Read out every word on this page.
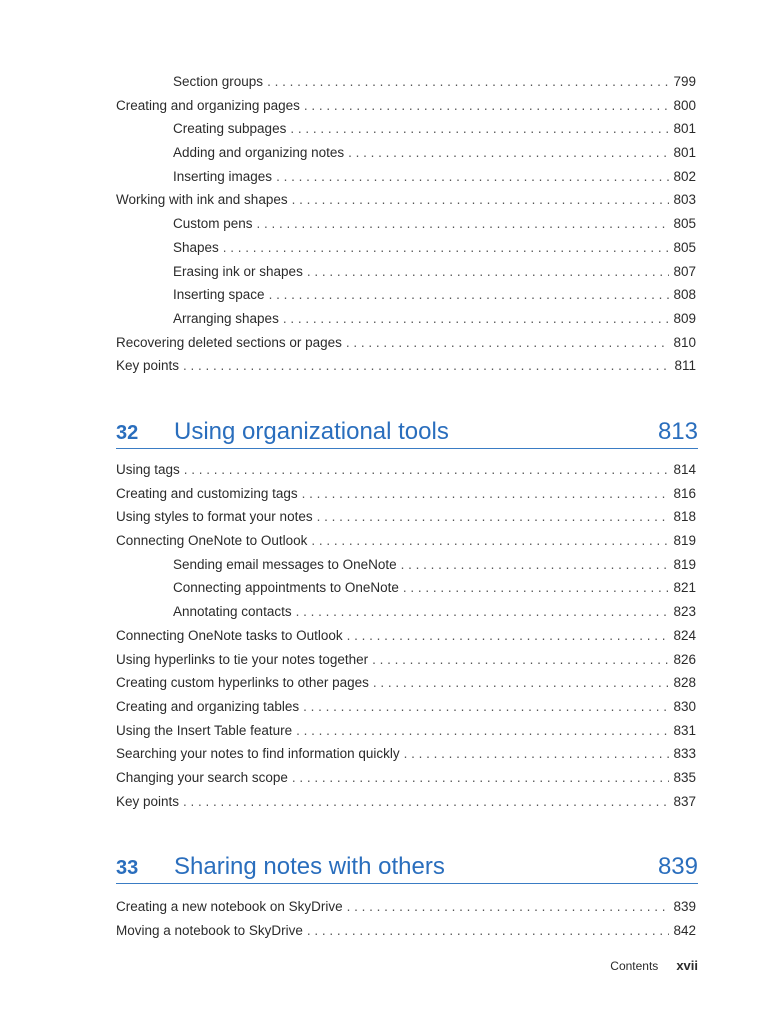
Section groups . . .	799
Creating and organizing pages . . .	800
Creating subpages . . .	801
Adding and organizing notes . . .	801
Inserting images . . .	802
Working with ink and shapes . . .	803
Custom pens . . .	805
Shapes . . .	805
Erasing ink or shapes . . .	807
Inserting space . . .	808
Arranging shapes . . .	809
Recovering deleted sections or pages . . .	810
Key points . . .	811
32 Using organizational tools	813
Using tags . . .	814
Creating and customizing tags . . .	816
Using styles to format your notes . . .	818
Connecting OneNote to Outlook . . .	819
Sending email messages to OneNote . . .	819
Connecting appointments to OneNote . . .	821
Annotating contacts . . .	823
Connecting OneNote tasks to Outlook . . .	824
Using hyperlinks to tie your notes together . . .	826
Creating custom hyperlinks to other pages . . .	828
Creating and organizing tables . . .	830
Using the Insert Table feature . . .	831
Searching your notes to find information quickly . . .	833
Changing your search scope . . .	835
Key points . . .	837
33 Sharing notes with others	839
Creating a new notebook on SkyDrive . . .	839
Moving a notebook to SkyDrive . . .	842
Contents xvii
